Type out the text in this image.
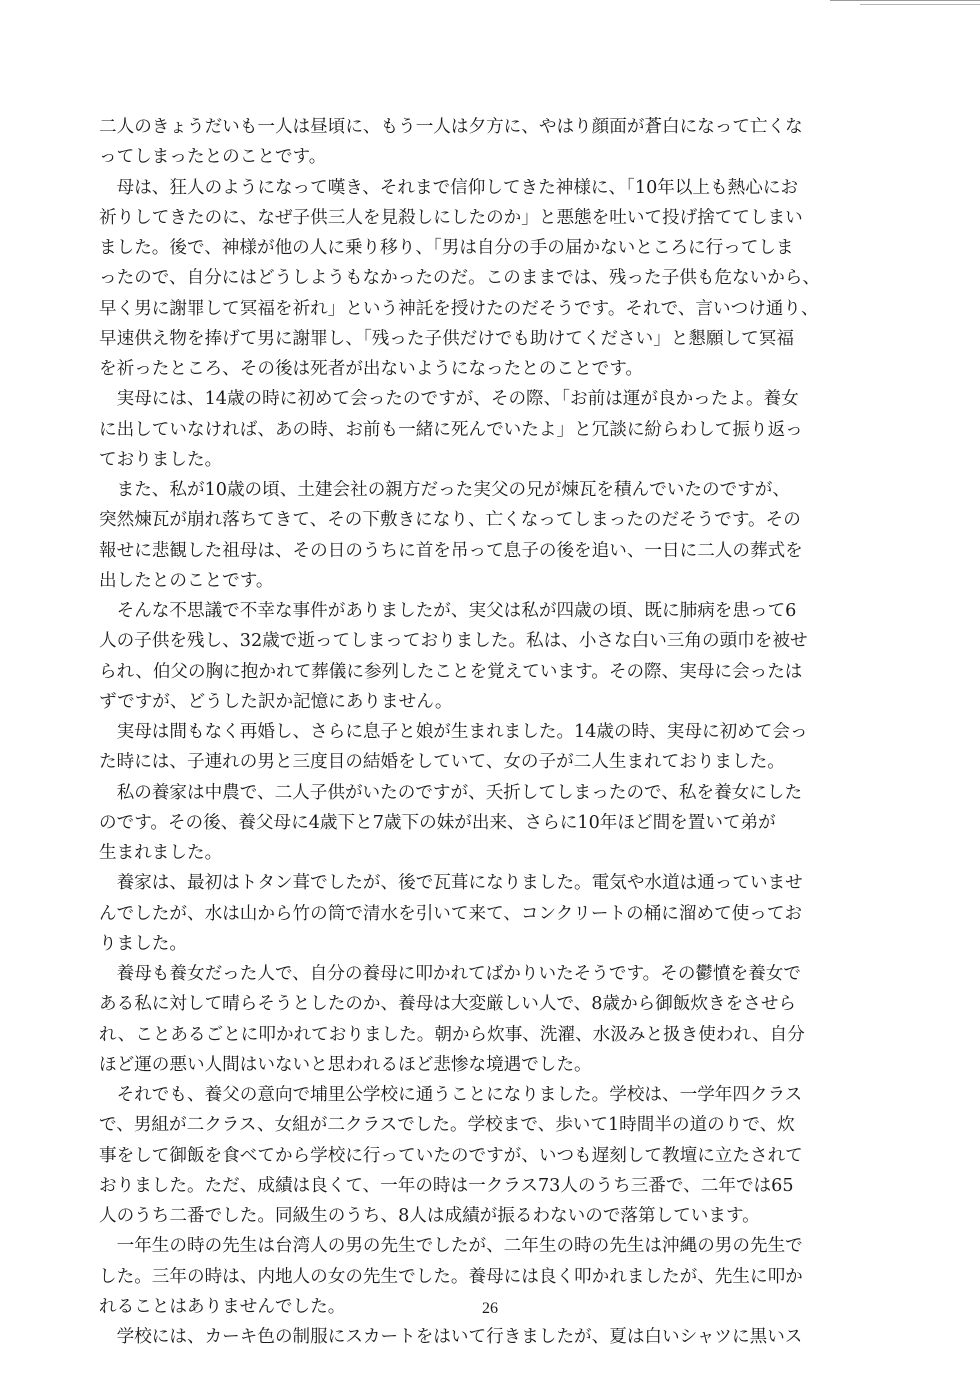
二人のきょうだいも一人は昼頃に、もう一人は夕方に、やはり顔面が蒼白になって亡くな
ってしまったとのことです。
　母は、狂人のようになって嘆き、それまで信仰してきた神様に、「10年以上も熱心にお
祈りしてきたのに、なぜ子供三人を見殺しにしたのか」と悪態を吐いて投げ捨ててしまい
ました。後で、神様が他の人に乗り移り、「男は自分の手の届かないところに行ってしま
ったので、自分にはどうしようもなかったのだ。このままでは、残った子供も危ないから、
早く男に謝罪して冥福を祈れ」という神託を授けたのだそうです。それで、言いつけ通り、
早速供え物を捧げて男に謝罪し、「残った子供だけでも助けてください」と懇願して冥福
を祈ったところ、その後は死者が出ないようになったとのことです。
　実母には、14歳の時に初めて会ったのですが、その際、「お前は運が良かったよ。養女
に出していなければ、あの時、お前も一緒に死んでいたよ」と冗談に紛らわして振り返っ
ておりました。
　また、私が10歳の頃、土建会社の親方だった実父の兄が煉瓦を積んでいたのですが、
突然煉瓦が崩れ落ちてきて、その下敷きになり、亡くなってしまったのだそうです。その
報せに悲観した祖母は、その日のうちに首を吊って息子の後を追い、一日に二人の葬式を
出したとのことです。
　そんな不思議で不幸な事件がありましたが、実父は私が四歳の頃、既に肺病を患って6
人の子供を残し、32歳で逝ってしまっておりました。私は、小さな白い三角の頭巾を被せ
られ、伯父の胸に抱かれて葬儀に参列したことを覚えています。その際、実母に会ったは
ずですが、どうした訳か記憶にありません。
　実母は間もなく再婚し、さらに息子と娘が生まれました。14歳の時、実母に初めて会っ
た時には、子連れの男と三度目の結婚をしていて、女の子が二人生まれておりました。
　私の養家は中農で、二人子供がいたのですが、夭折してしまったので、私を養女にした
のです。その後、養父母に4歳下と7歳下の妹が出来、さらに10年ほど間を置いて弟が
生まれました。
　養家は、最初はトタン葺でしたが、後で瓦葺になりました。電気や水道は通っていませ
んでしたが、水は山から竹の筒で清水を引いて来て、コンクリートの桶に溜めて使ってお
りました。
　養母も養女だった人で、自分の養母に叩かれてばかりいたそうです。その鬱憤を養女で
ある私に対して晴らそうとしたのか、養母は大変厳しい人で、8歳から御飯炊きをさせら
れ、ことあるごとに叩かれておりました。朝から炊事、洗濯、水汲みと扱き使われ、自分
ほど運の悪い人間はいないと思われるほど悲惨な境遇でした。
　それでも、養父の意向で埔里公学校に通うことになりました。学校は、一学年四クラス
で、男組が二クラス、女組が二クラスでした。学校まで、歩いて1時間半の道のりで、炊
事をして御飯を食べてから学校に行っていたのですが、いつも遅刻して教壇に立たされて
おりました。ただ、成績は良くて、一年の時は一クラス73人のうち三番で、二年では65
人のうち二番でした。同級生のうち、8人は成績が振るわないので落第しています。
　一年生の時の先生は台湾人の男の先生でしたが、二年生の時の先生は沖縄の男の先生で
した。三年の時は、内地人の女の先生でした。養母には良く叩かれましたが、先生に叩か
れることはありませんでした。
　学校には、カーキ色の制服にスカートをはいて行きましたが、夏は白いシャツに黒いス
26
